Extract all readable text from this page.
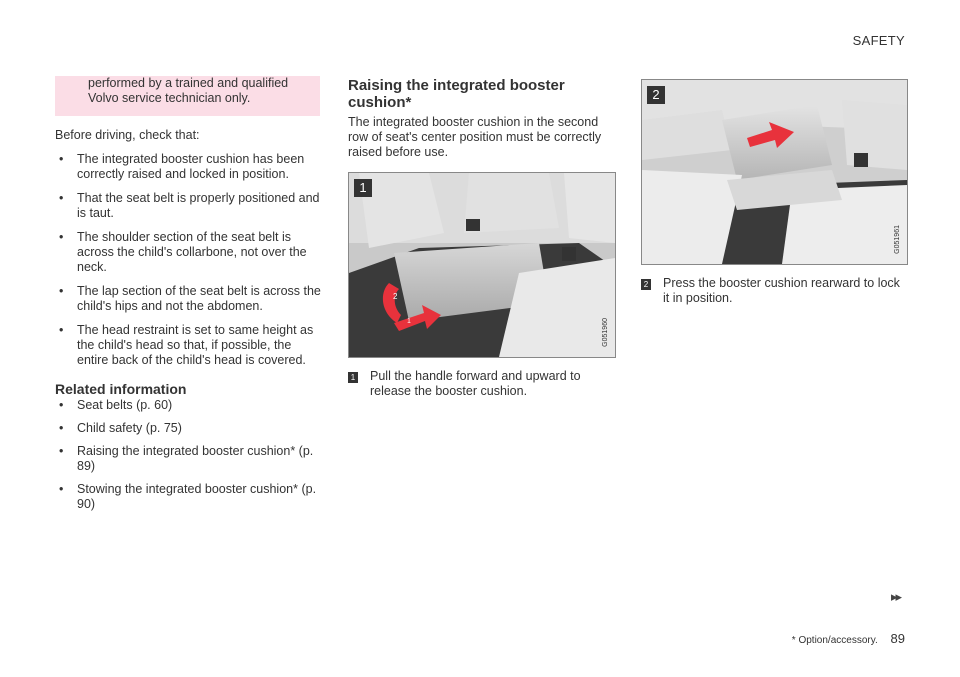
SAFETY

performed by a trained and qualified Volvo service technician only.

Before driving, check that:

• The integrated booster cushion has been correctly raised and locked in position.
• That the seat belt is properly positioned and is taut.
• The shoulder section of the seat belt is across the child's collarbone, not over the neck.
• The lap section of the seat belt is across the child's hips and not the abdomen.
• The head restraint is set to same height as the child's head so that, if possible, the entire back of the child's head is covered.
Related information
• Seat belts (p. 60)
• Child safety (p. 75)
• Raising the integrated booster cushion* (p. 89)
• Stowing the integrated booster cushion* (p. 90)
Raising the integrated booster cushion*

The integrated booster cushion in the second row of seat's center position must be correctly raised before use.

2
1
1
G051960
1	Pull the handle forward and upward to release the booster cushion.
2
G051961
2	Press the booster cushion rearward to lock it in position.
▸▸
* Option/accessory. 89
